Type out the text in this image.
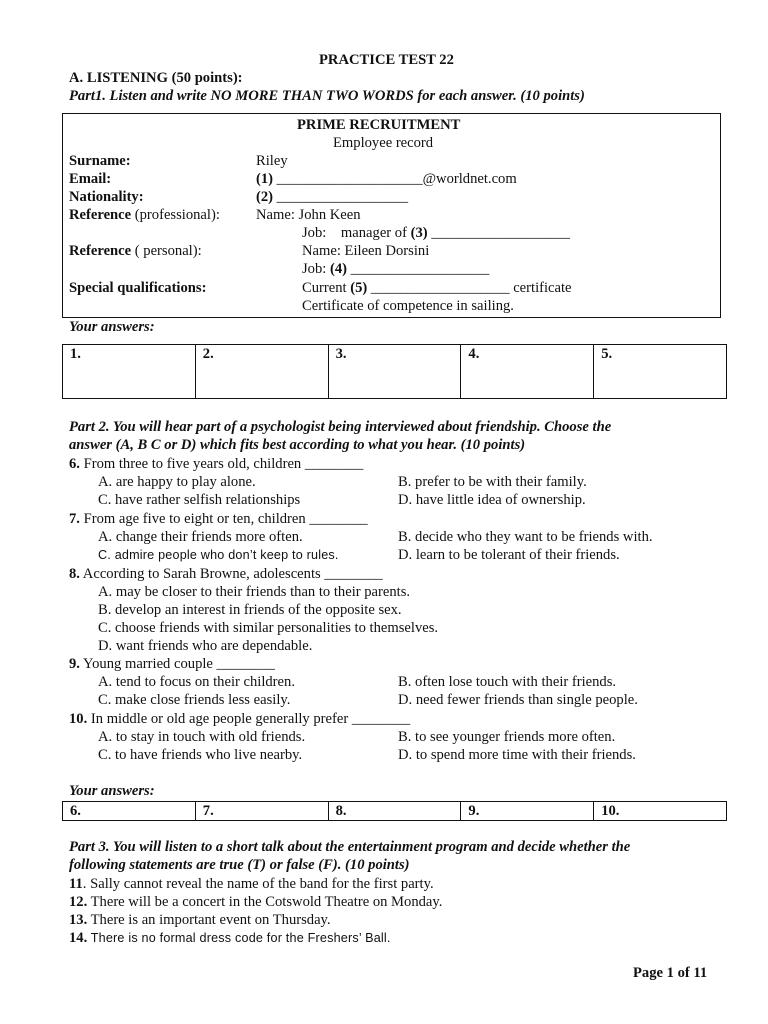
PRACTICE TEST 22
A. LISTENING (50 points):
Part1. Listen and write NO MORE THAN TWO WORDS for each answer. (10 points)
PRIME RECRUITMENT
Employee record
Surname:	Riley
Email:	(1) ____________________@worldnet.com
Nationality:	(2) __________________
Reference (professional): Name: John Keen
Job:    manager of (3) ___________________
Reference ( personal):	Name: Eileen Dorsini
Job: (4) ___________________
Special qualifications:	Current (5) ___________________ certificate
Certificate of competence in sailing.
Your answers:
1.	2.	3.	4.	5.
Part 2. You will hear part of a psychologist being interviewed about friendship. Choose the
answer (A, B C or D) which fits best according to what you hear. (10 points)
6. From three to five years old, children ________
A. are happy to play alone.	B. prefer to be with their family.
C. have rather selfish relationships	D. have little idea of ownership.
7. From age five to eight or ten, children ________
A. change their friends more often.	B. decide who they want to be friends with.
C. admire people who don’t keep to rules.	D. learn to be tolerant of their friends.
8. According to Sarah Browne, adolescents ________
A. may be closer to their friends than to their parents.
B. develop an interest in friends of the opposite sex.
C. choose friends with similar personalities to themselves.
D. want friends who are dependable.
9. Young married couple ________
A. tend to focus on their children.	B. often lose touch with their friends.
C. make close friends less easily.	D. need fewer friends than single people.
10. In middle or old age people generally prefer ________
A. to stay in touch with old friends.	B. to see younger friends more often.
C. to have friends who live nearby.	D. to spend more time with their friends.
Your answers:
6.	7.	8.	9.	10.
Part 3. You will listen to a short talk about the entertainment program and decide whether the
following statements are true (T) or false (F). (10 points)
11. Sally cannot reveal the name of the band for the first party.
12. There will be a concert in the Cotswold Theatre on Monday.
13. There is an important event on Thursday.
14. There is no formal dress code for the Freshers’ Ball.
Page 1 of 11
